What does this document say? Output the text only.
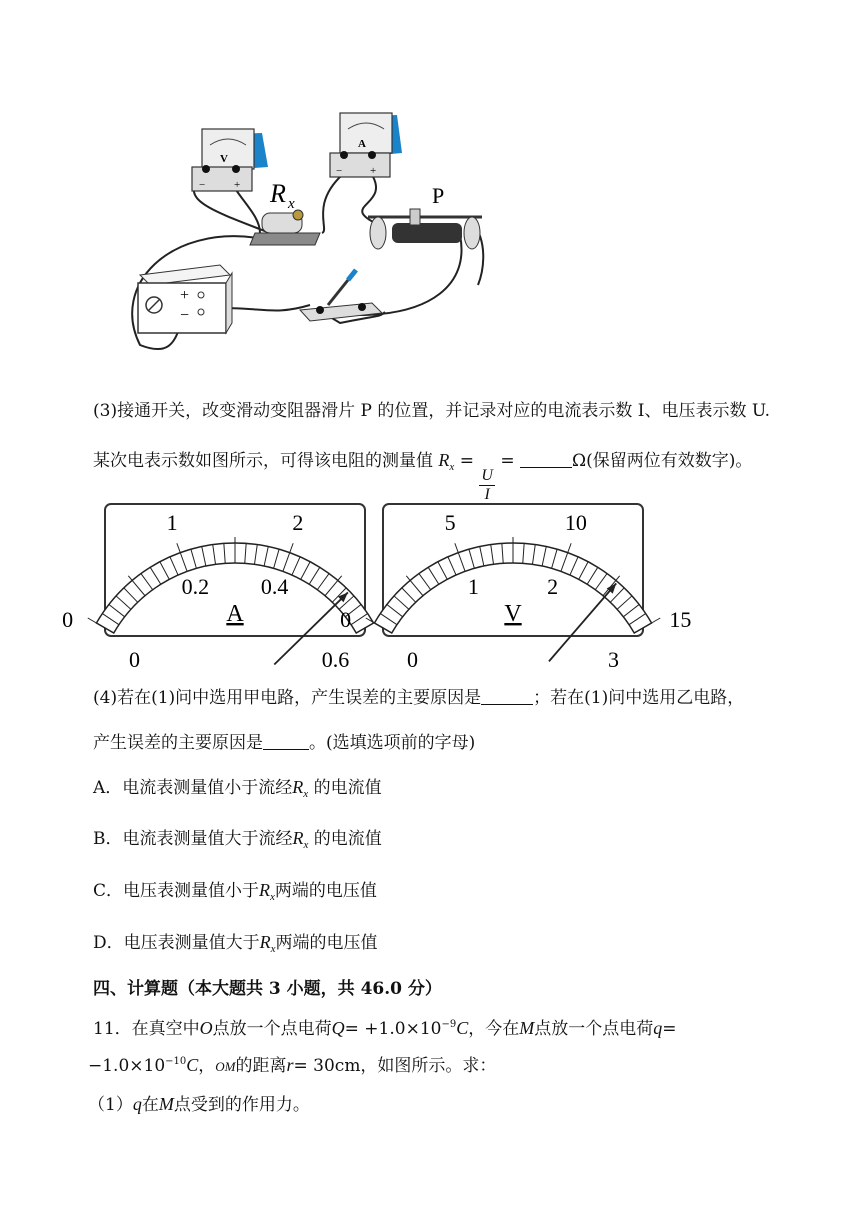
V
−	+
A
−	+
R x	P
+
−
(3)接通开关，改变滑动变阻器滑片 P 的位置，并记录对应的电流表示数 I、电压表示数 U.
某次电表示数如图所示，可得该电阻的测量值 $R_x$ =
$\frac{U}{I}$
=	Ω(保留两位有效数字)。
0
1	2
0
0.2 0.4
0.6
A	0
5	10
15
0
1	2
3
V
(4)若在(1)问中选用甲电路，产生误差的主要原因是	；若在(1)问中选用乙电路，
产生误差的主要原因是	。(选填选项前的字母)
A．电流表测量值小于流经$R_x$ 的电流值
B．电流表测量值大于流经$R_x$ 的电流值
C．电压表测量值小于$R_x$两端的电压值
D．电压表测量值大于$R_x$两端的电压值
四、计算题（本大题共 3 小题，共 46.0 分）
11．在真空中O点放一个点电荷$Q= +1.0\times 10^{-9}C$，今在M点放一个点电荷q=
$-1.0\times 10^{-10}C$，OM的距离r= 30cm，如图所示。求：
（1）q在M点受到的作用力。
